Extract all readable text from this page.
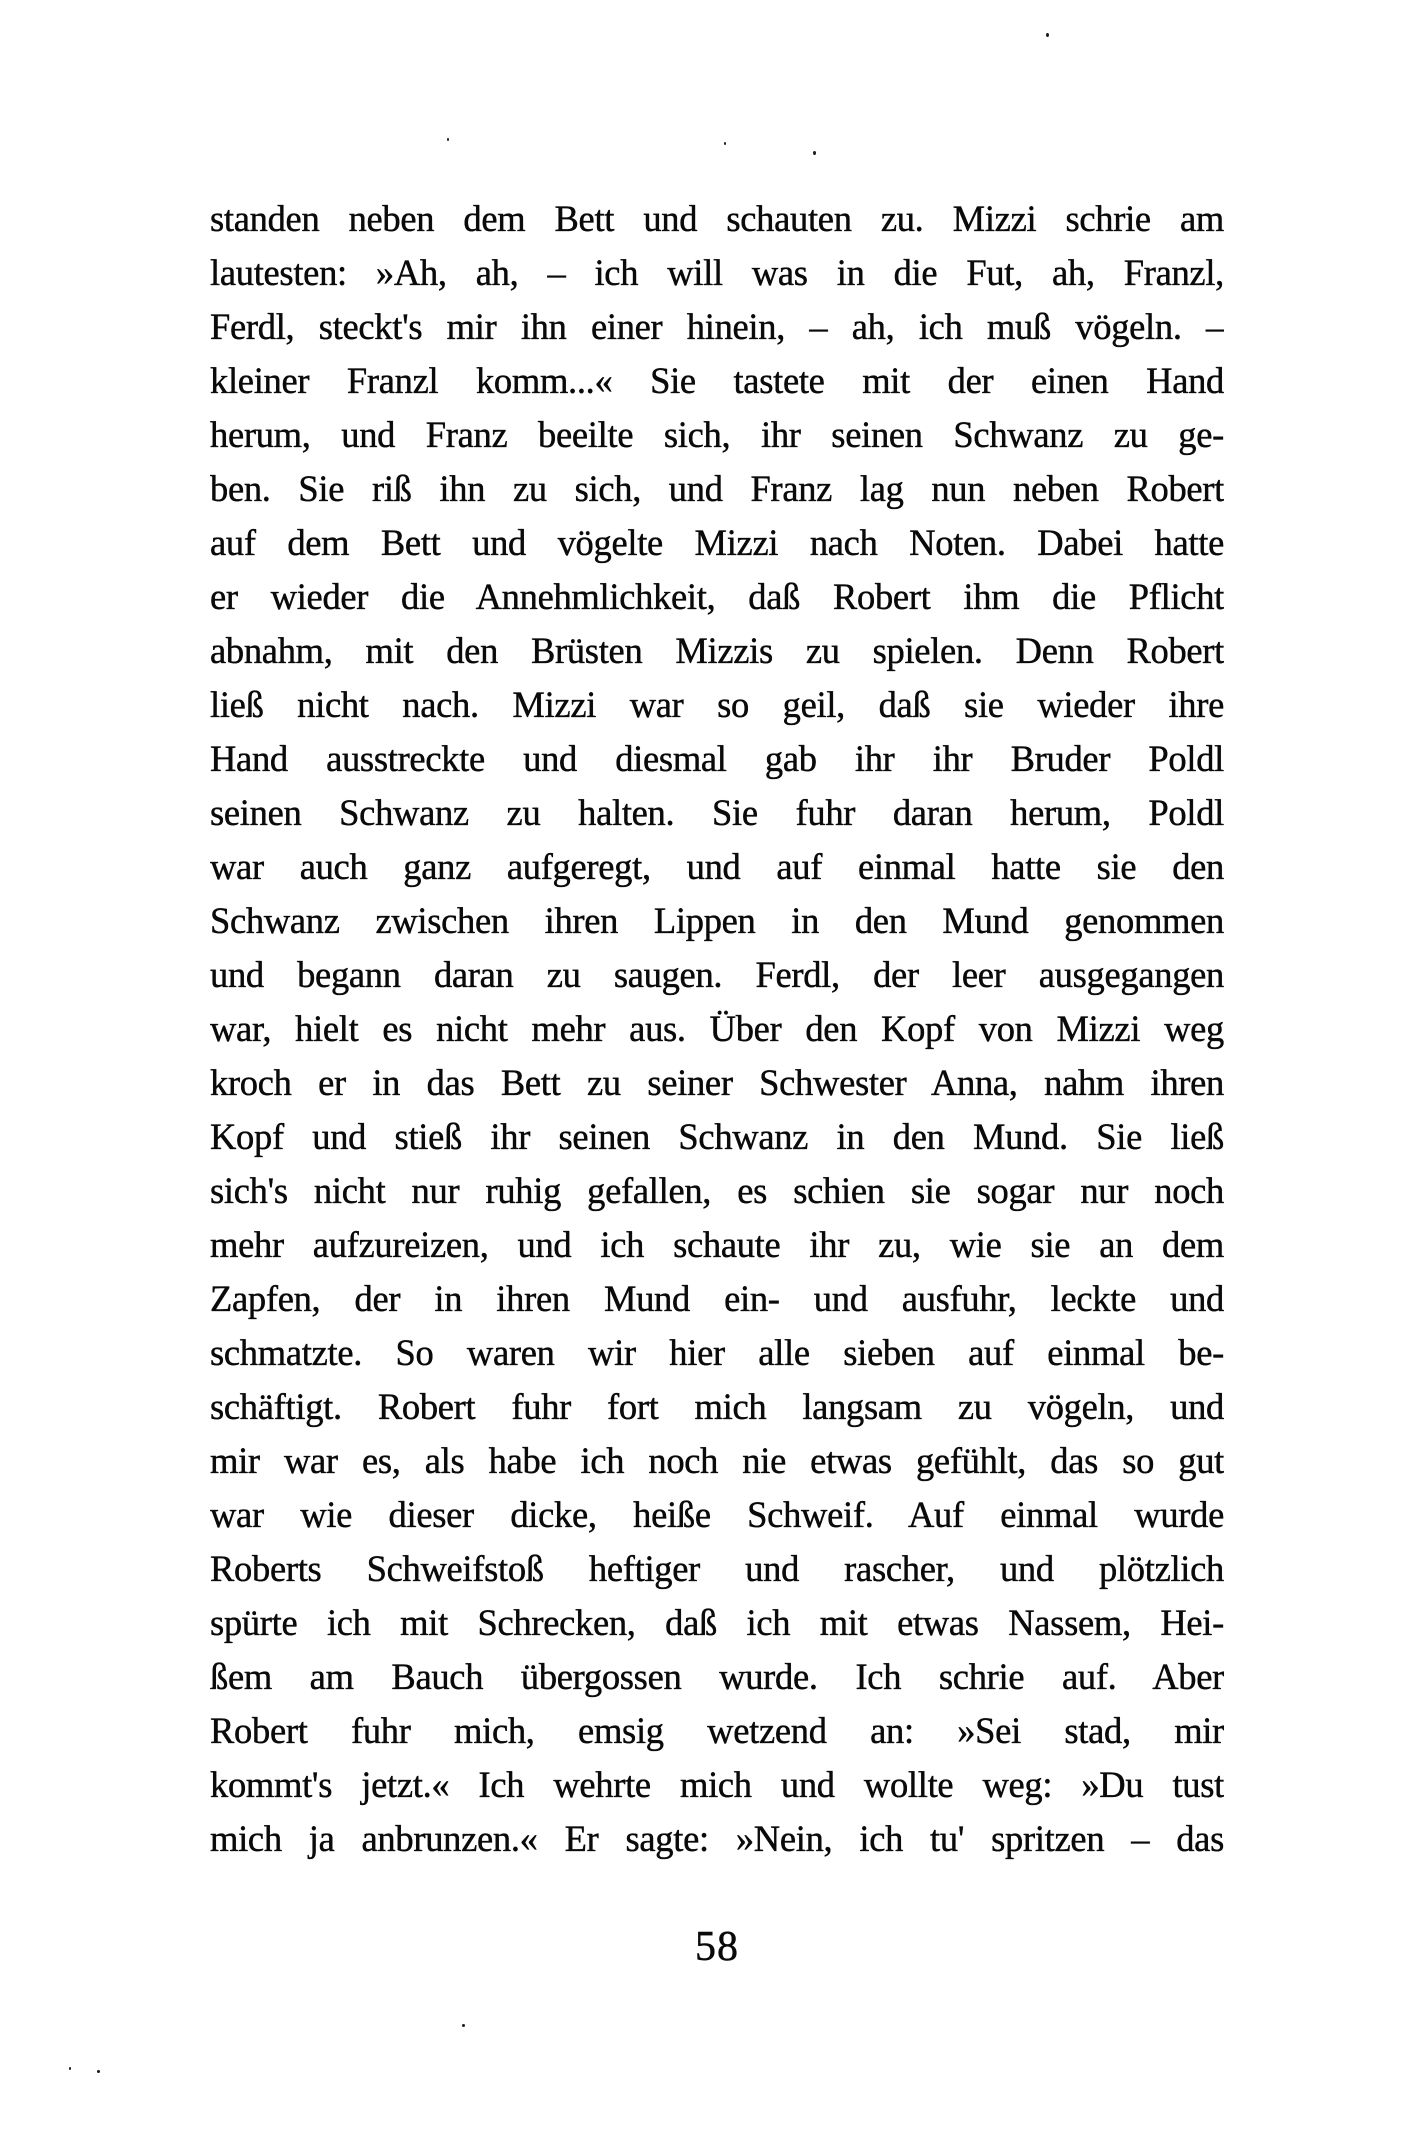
standen neben dem Bett und schauten zu. Mizzi schrie am

lautesten: »Ah, ah, – ich will was in die Fut, ah, Franzl,

Ferdl, steckt's mir ihn einer hinein, – ah, ich muß vögeln. –

kleiner Franzl komm...« Sie tastete mit der einen Hand

herum, und Franz beeilte sich, ihr seinen Schwanz zu ge-

ben. Sie riß ihn zu sich, und Franz lag nun neben Robert

auf dem Bett und vögelte Mizzi nach Noten. Dabei hatte

er wieder die Annehmlichkeit, daß Robert ihm die Pflicht

abnahm, mit den Brüsten Mizzis zu spielen. Denn Robert

ließ nicht nach. Mizzi war so geil, daß sie wieder ihre

Hand ausstreckte und diesmal gab ihr ihr Bruder Poldl

seinen Schwanz zu halten. Sie fuhr daran herum, Poldl

war auch ganz aufgeregt, und auf einmal hatte sie den

Schwanz zwischen ihren Lippen in den Mund genommen

und begann daran zu saugen. Ferdl, der leer ausgegangen

war, hielt es nicht mehr aus. Über den Kopf von Mizzi weg

kroch er in das Bett zu seiner Schwester Anna, nahm ihren

Kopf und stieß ihr seinen Schwanz in den Mund. Sie ließ

sich's nicht nur ruhig gefallen, es schien sie sogar nur noch

mehr aufzureizen, und ich schaute ihr zu, wie sie an dem

Zapfen, der in ihren Mund ein- und ausfuhr, leckte und

schmatzte. So waren wir hier alle sieben auf einmal be-

schäftigt. Robert fuhr fort mich langsam zu vögeln, und

mir war es, als habe ich noch nie etwas gefühlt, das so gut

war wie dieser dicke, heiße Schweif. Auf einmal wurde

Roberts Schweifstoß heftiger und rascher, und plötzlich

spürte ich mit Schrecken, daß ich mit etwas Nassem, Hei-

ßem am Bauch übergossen wurde. Ich schrie auf. Aber

Robert fuhr mich, emsig wetzend an: »Sei stad, mir

kommt's jetzt.« Ich wehrte mich und wollte weg: »Du tust

mich ja anbrunzen.« Er sagte: »Nein, ich tu' spritzen – das

58
